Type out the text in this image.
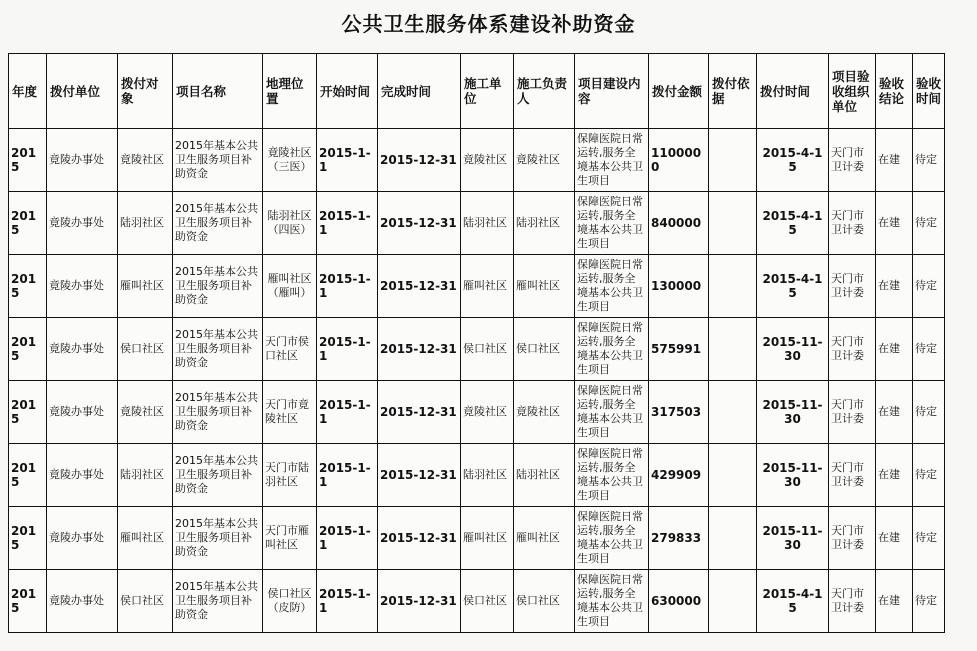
公共卫生服务体系建设补助资金
年度	拨付单位	拨付对象	项目名称	地理位置	开始时间	完成时间	施工单位	施工负责人	项目建设内容	拨付金额	拨付依据	拨付时间	项目验收组织单位	验收结论	验收时间
2015	竟陵办事处	竟陵社区	2015年基本公共卫生服务项目补助资金	竟陵社区（三医）	2015-1-1	2015-12-31	竟陵社区	竟陵社区	保障医院日常运转,服务全境基本公共卫生项目	1100000		2015-4-15	天门市卫计委	在建	待定
2015	竟陵办事处	陆羽社区	2015年基本公共卫生服务项目补助资金	陆羽社区（四医）	2015-1-1	2015-12-31	陆羽社区	陆羽社区	保障医院日常运转,服务全境基本公共卫生项目	840000		2015-4-15	天门市卫计委	在建	待定
2015	竟陵办事处	雁叫社区	2015年基本公共卫生服务项目补助资金	雁叫社区（雁叫）	2015-1-1	2015-12-31	雁叫社区	雁叫社区	保障医院日常运转,服务全境基本公共卫生项目	130000		2015-4-15	天门市卫计委	在建	待定
2015	竟陵办事处	侯口社区	2015年基本公共卫生服务项目补助资金	天门市侯口社区	2015-1-1	2015-12-31	侯口社区	侯口社区	保障医院日常运转,服务全境基本公共卫生项目	575991		2015-11-30	天门市卫计委	在建	待定
2015	竟陵办事处	竟陵社区	2015年基本公共卫生服务项目补助资金	天门市竟陵社区	2015-1-1	2015-12-31	竟陵社区	竟陵社区	保障医院日常运转,服务全境基本公共卫生项目	317503		2015-11-30	天门市卫计委	在建	待定
2015	竟陵办事处	陆羽社区	2015年基本公共卫生服务项目补助资金	天门市陆羽社区	2015-1-1	2015-12-31	陆羽社区	陆羽社区	保障医院日常运转,服务全境基本公共卫生项目	429909		2015-11-30	天门市卫计委	在建	待定
2015	竟陵办事处	雁叫社区	2015年基本公共卫生服务项目补助资金	天门市雁叫社区	2015-1-1	2015-12-31	雁叫社区	雁叫社区	保障医院日常运转,服务全境基本公共卫生项目	279833		2015-11-30	天门市卫计委	在建	待定
2015	竟陵办事处	侯口社区	2015年基本公共卫生服务项目补助资金	侯口社区（皮防）	2015-1-1	2015-12-31	侯口社区	侯口社区	保障医院日常运转,服务全境基本公共卫生项目	630000		2015-4-15	天门市卫计委	在建	待定
